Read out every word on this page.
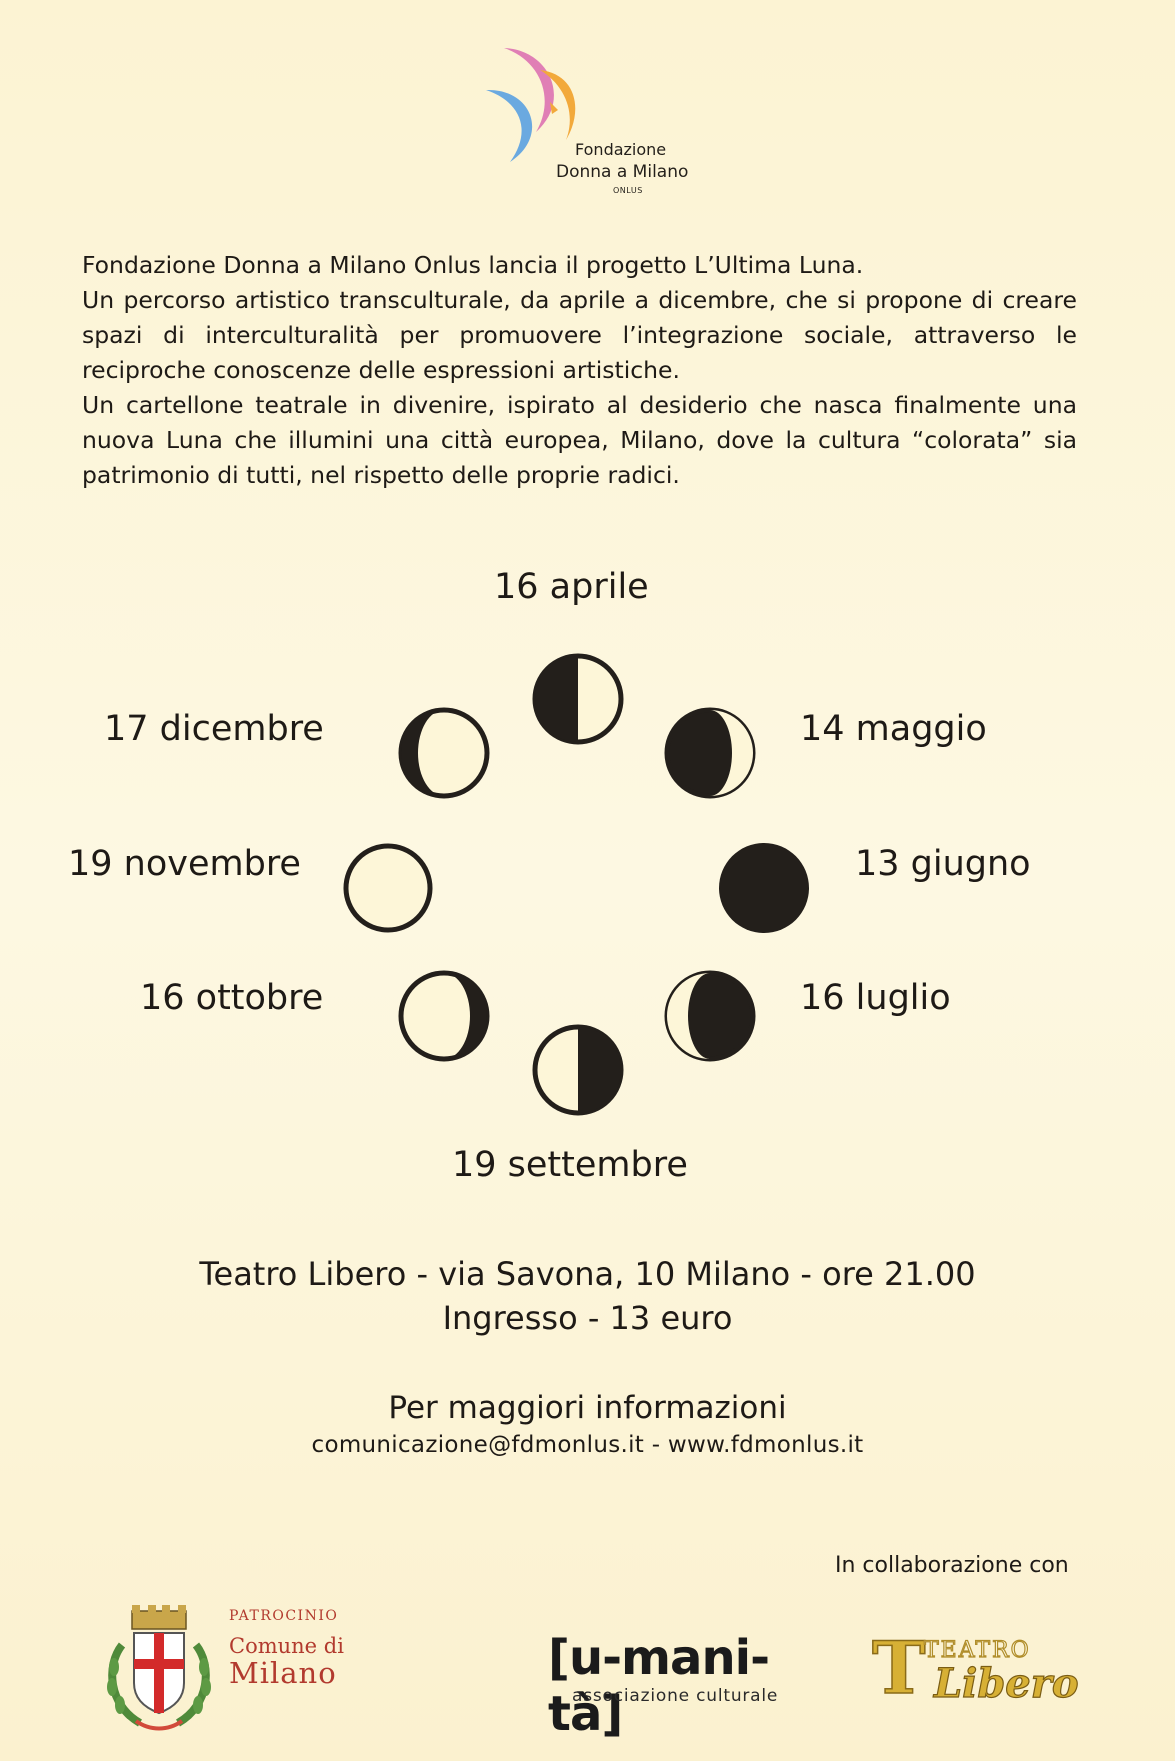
Fondazione
Donna a Milano
ONLUS

Fondazione Donna a Milano Onlus lancia il progetto L’Ultima Luna.

Un percorso artistico transculturale, da aprile a dicembre, che si propone di creare spazi di interculturalità per promuovere l’integrazione sociale, attraverso le reciproche conoscenze delle espressioni artistiche.

Un cartellone teatrale in divenire, ispirato al desiderio che nasca finalmente una nuova Luna che illumini una città europea, Milano, dove la cultura “colorata” sia patrimonio di tutti, nel rispetto delle proprie radici.

16 aprile
14 maggio
13 giugno
16 luglio
19 settembre
16 ottobre
19 novembre
17 dicembre
Teatro Libero - via Savona, 10 Milano - ore 21.00
Ingresso - 13 euro
Per maggiori informazioni
comunicazione@fdmonlus.it - www.fdmonlus.it
In collaborazione con
PATROCINIO
Comune di
Milano	[u-mani-tà]
associazione culturale T
TEATRO
Libero
